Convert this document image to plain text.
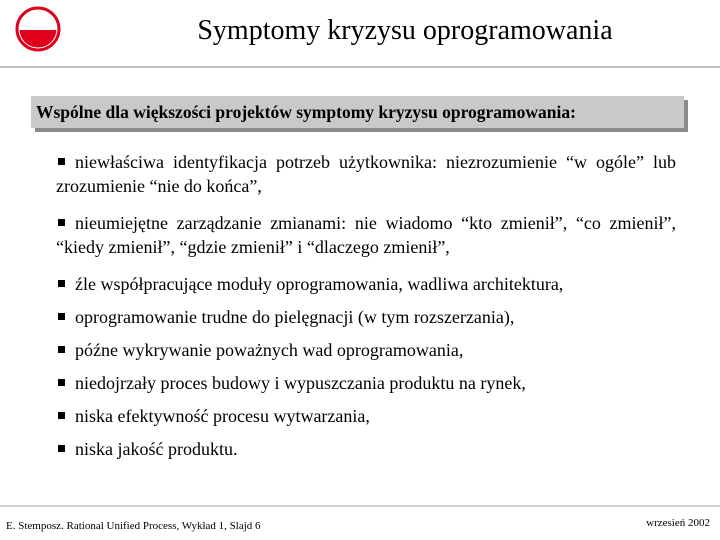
Symptomy kryzysu oprogramowania
Wspólne dla większości projektów symptomy kryzysu oprogramowania:
niewłaściwa identyfikacja potrzeb użytkownika: niezrozumienie “w ogóle” lub zrozumienie “nie do końca”,
nieumiejętne zarządzanie zmianami: nie wiadomo “kto zmienił”, “co zmienił”, “kiedy zmienił”, “gdzie zmienił” i “dlaczego zmienił”,
źle współpracujące moduły oprogramowania, wadliwa architektura,
oprogramowanie trudne do pielęgnacji (w tym rozszerzania),
późne wykrywanie poważnych wad oprogramowania,
niedojrzały proces budowy i wypuszczania produktu na rynek,
niska efektywność procesu wytwarzania,
niska jakość produktu.
E. Stemposz. Rational Unified Process, Wykład 1, Slajd 6	wrzesień 2002
